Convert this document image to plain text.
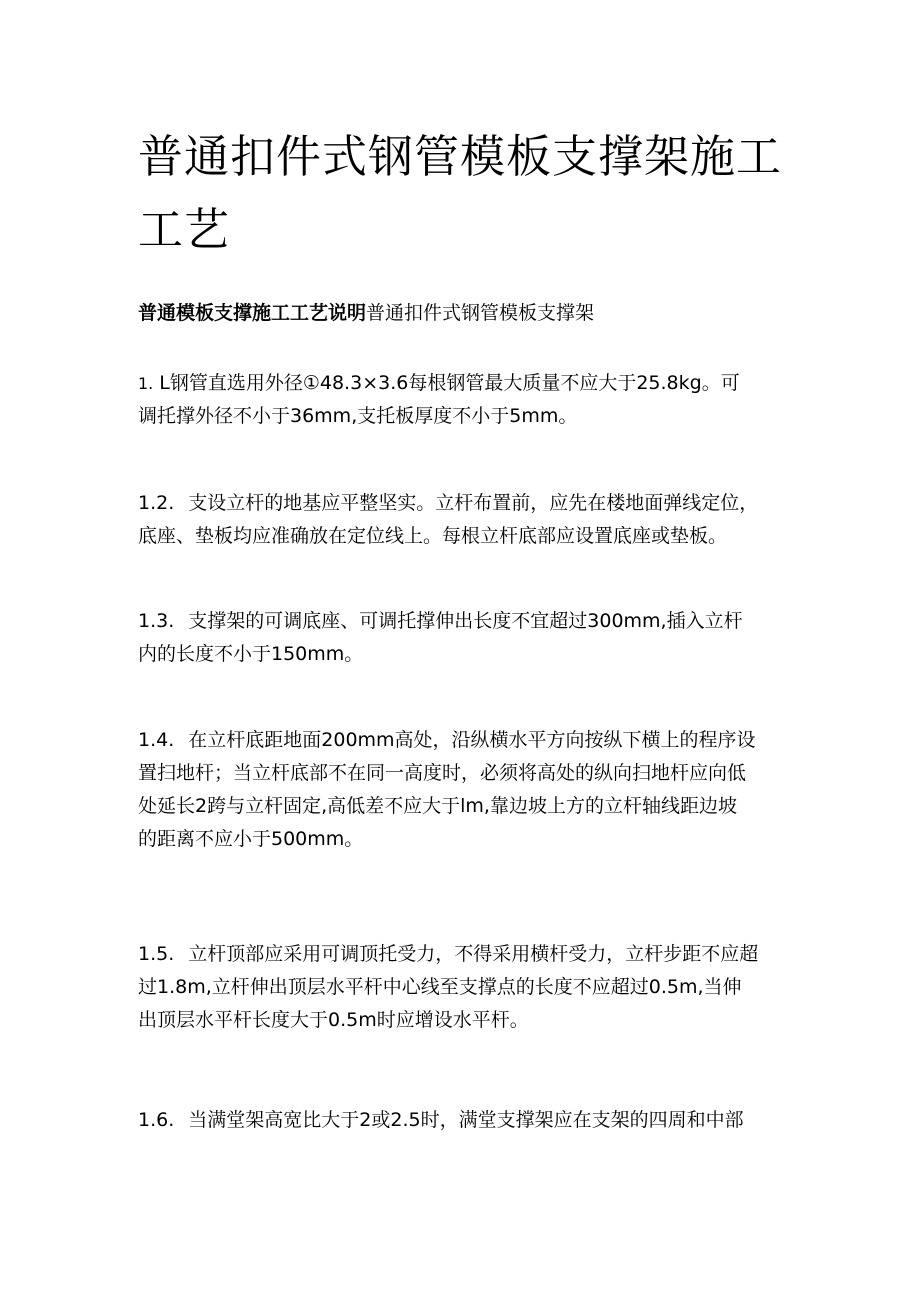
普通扣件式钢管模板支撑架施工工艺

普通模板支撑施工工艺说明普通扣件式钢管模板支撑架

1. L钢管直选用外径①48.3×3.6每根钢管最大质量不应大于25.8kg。可
调托撑外径不小于36mm,支托板厚度不小于5mm。
1.2. 支设立杆的地基应平整坚实。立杆布置前，应先在楼地面弹线定位，
底座、垫板均应准确放在定位线上。每根立杆底部应设置底座或垫板。
1.3. 支撑架的可调底座、可调托撑伸出长度不宜超过300mm,插入立杆
内的长度不小于150mm。
1.4. 在立杆底距地面200mm高处，沿纵横水平方向按纵下横上的程序设
置扫地杆；当立杆底部不在同一高度时，必须将高处的纵向扫地杆应向低
处延长2跨与立杆固定,高低差不应大于lm,靠边坡上方的立杆轴线距边坡
的距离不应小于500mm。
1.5. 立杆顶部应采用可调顶托受力，不得采用横杆受力，立杆步距不应超
过1.8m,立杆伸出顶层水平杆中心线至支撑点的长度不应超过0.5m,当伸
出顶层水平杆长度大于0.5m时应增设水平杆。
1.6. 当满堂架高宽比大于2或2.5时，满堂支撑架应在支架的四周和中部
